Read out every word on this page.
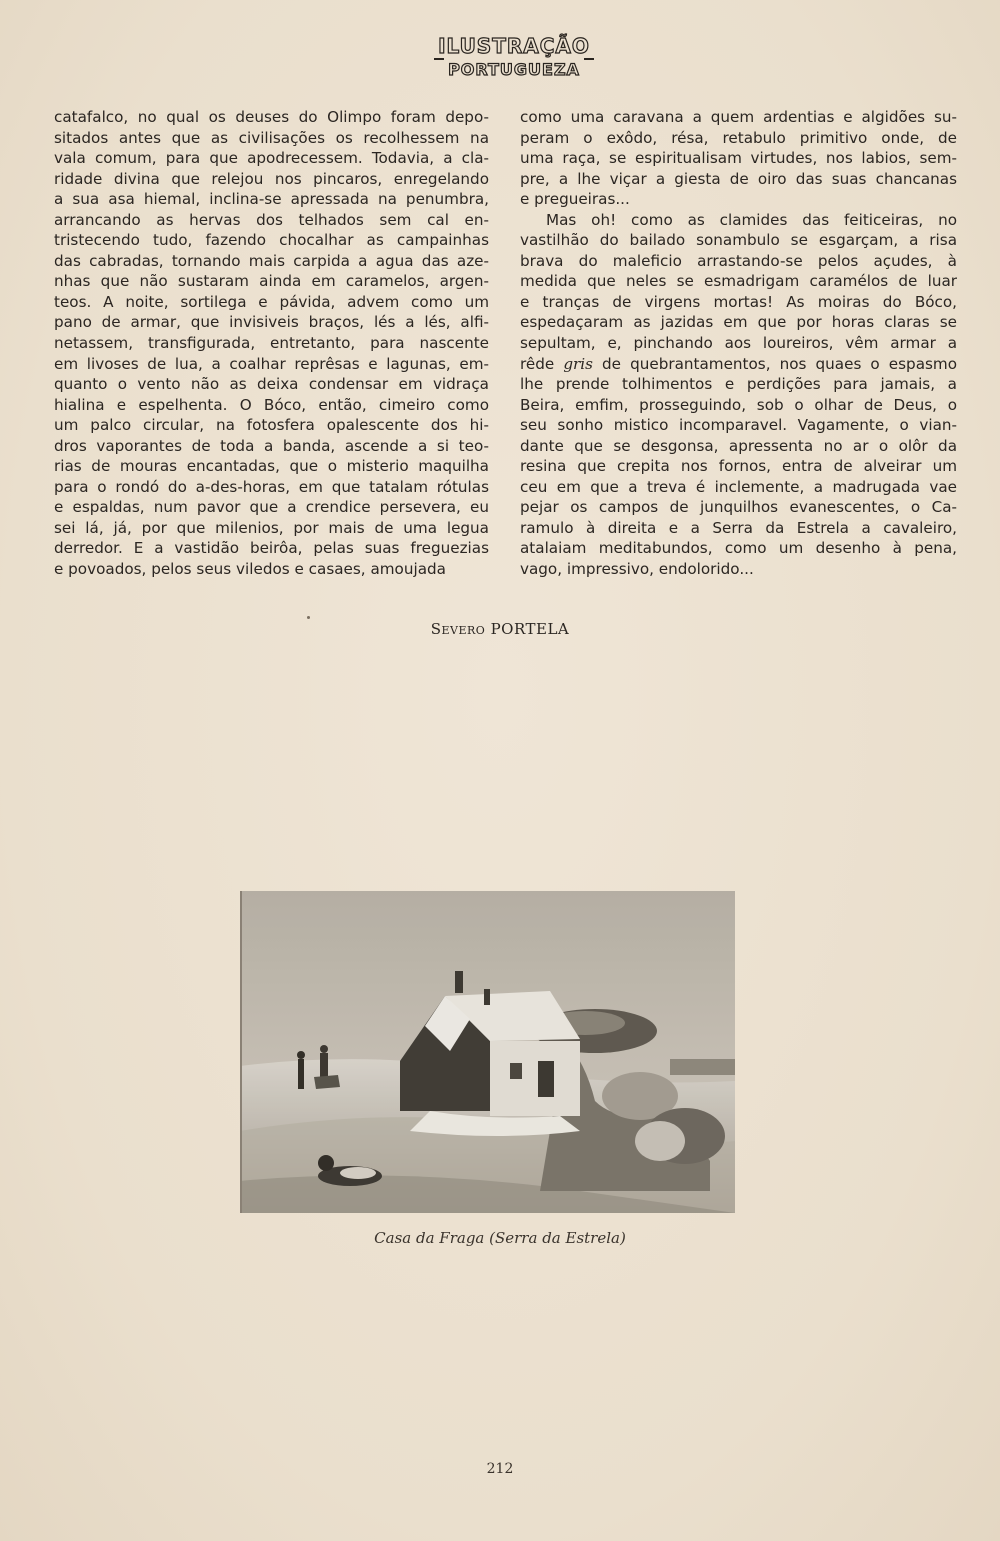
ILUSTRAÇÃO
PORTUGUEZA
catafalco, no qual os deuses do Olimpo foram depo-
sitados antes que as civilisações os recolhessem na
vala comum, para que apodrecessem. Todavia, a cla-
ridade divina que relejou nos pincaros, enregelando
a sua asa hiemal, inclina-se apressada na penumbra,
arrancando as hervas dos telhados sem cal en-
tristecendo tudo, fazendo chocalhar as campainhas
das cabradas, tornando mais carpida a agua das aze-
nhas que não sustaram ainda em caramelos, argen-
teos. A noite, sortilega e pávida, advem como um
pano de armar, que invisiveis braços, lés a lés, alfi-
netassem, transfigurada, entretanto, para nascente
em livoses de lua, a coalhar reprêsas e lagunas, em-
quanto o vento não as deixa condensar em vidraça
hialina e espelhenta. O Bóco, então, cimeiro como
um palco circular, na fotosfera opalescente dos hi-
dros vaporantes de toda a banda, ascende a si teo-
rias de mouras encantadas, que o misterio maquilha
para o rondó do a-des-horas, em que tatalam rótulas
e espaldas, num pavor que a crendice persevera, eu
sei lá, já, por que milenios, por mais de uma legua
derredor. E a vastidão beirôa, pelas suas freguezias
e povoados, pelos seus viledos e casaes, amoujada
como uma caravana a quem ardentias e algidões su-
peram o exôdo, résa, retabulo primitivo onde, de
uma raça, se espiritualisam virtudes, nos labios, sem-
pre, a lhe viçar a giesta de oiro das suas chancanas
e pregueiras...
Mas oh! como as clamides das feiticeiras, no
vastilhão do bailado sonambulo se esgarçam, a risa
brava do maleficio arrastando-se pelos açudes, à
medida que neles se esmadrigam caramélos de luar
e tranças de virgens mortas! As moiras do Bóco,
espedaçaram as jazidas em que por horas claras se
sepultam, e, pinchando aos loureiros, vêm armar a
rêde gris de quebrantamentos, nos quaes o espasmo
lhe prende tolhimentos e perdições para jamais, a
Beira, emfim, prosseguindo, sob o olhar de Deus, o
seu sonho mistico incomparavel. Vagamente, o vian-
dante que se desgonsa, apressenta no ar o olôr da
resina que crepita nos fornos, entra de alveirar um
ceu em que a treva é inclemente, a madrugada vae
pejar os campos de junquilhos evanescentes, o Ca-
ramulo à direita e a Serra da Estrela a cavaleiro,
atalaiam meditabundos, como um desenho à pena,
vago, impressivo, endolorido...
Severo PORTELA
Casa da Fraga (Serra da Estrela)
212
